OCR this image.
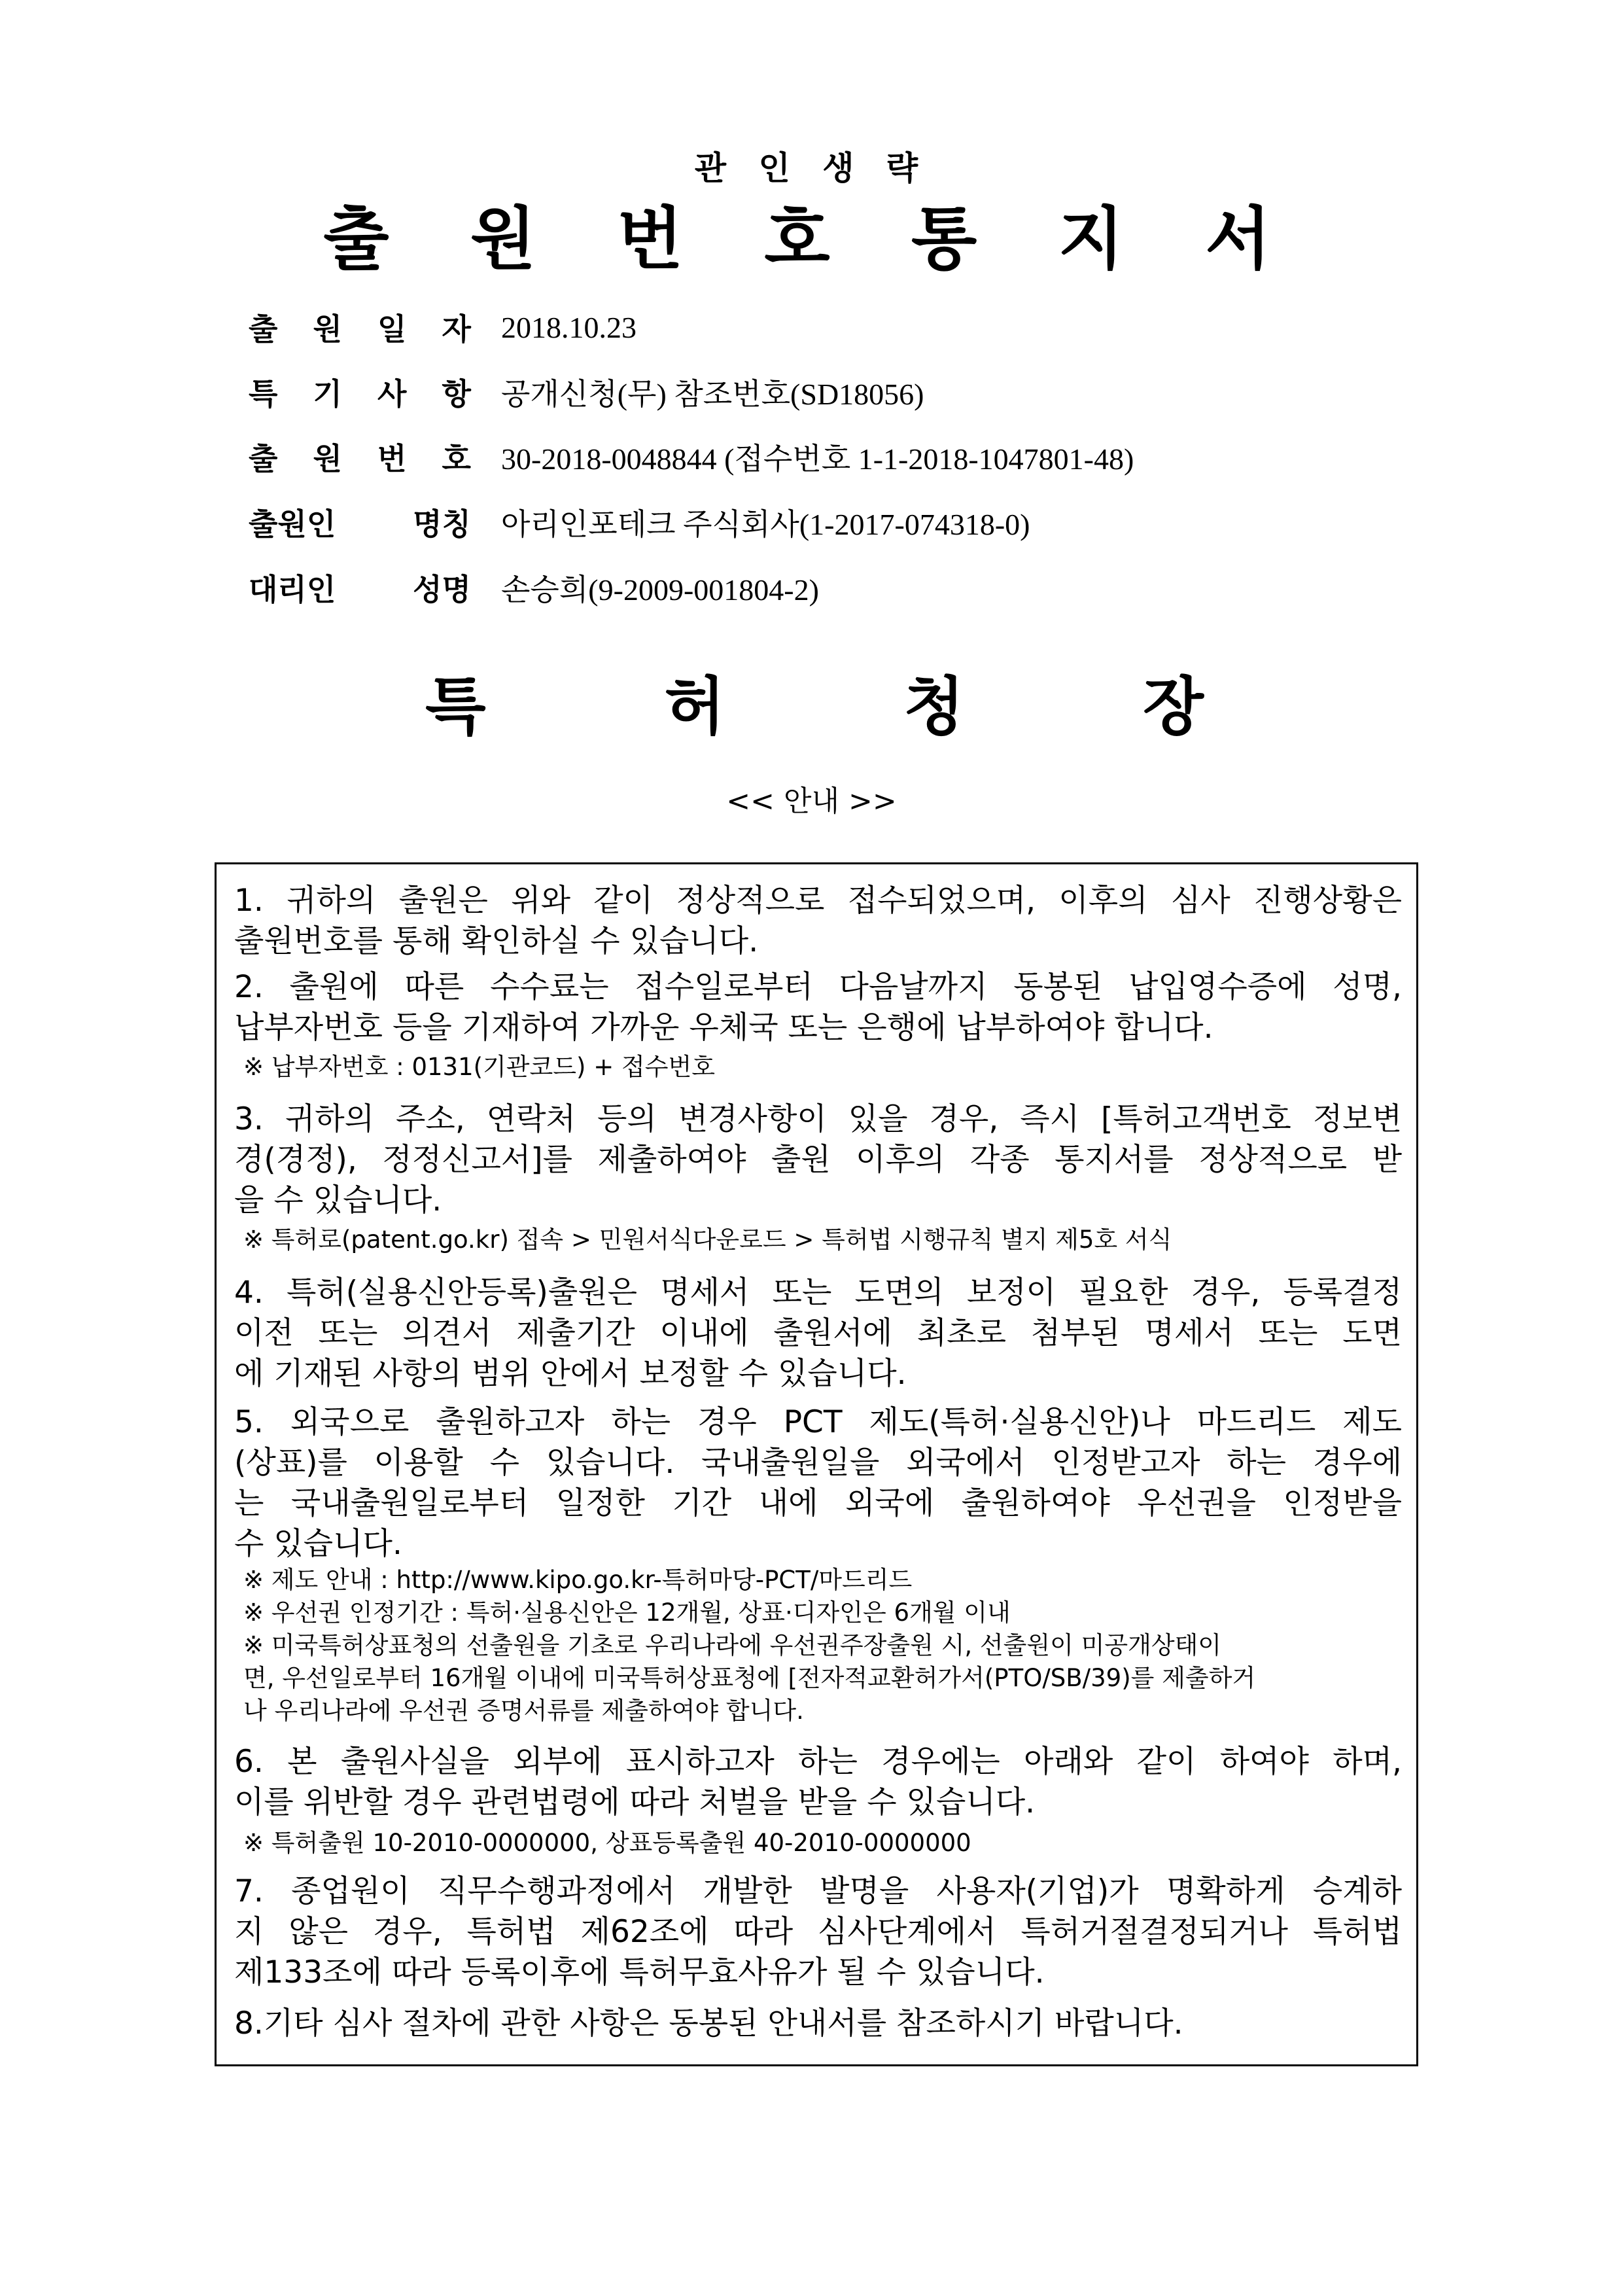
관 인 생 략
출 원 번 호 통 지 서
출 원 일 자 2018.10.23
특 기 사 항 공개신청(무) 참조번호(SD18056)
출 원 번 호 30-2018-0048844 (접수번호 1-1-2018-1047801-48)
출원인	명칭 아리인포테크 주식회사(1-2017-074318-0)
대리인	성명 손승희(9-2009-001804-2)
특	허	청	장
<< 안내 >>
1. 귀하의 출원은 위와 같이 정상적으로 접수되었으며, 이후의 심사 진행상황은
출원번호를 통해 확인하실 수 있습니다.
2. 출원에 따른 수수료는 접수일로부터 다음날까지 동봉된 납입영수증에 성명,
납부자번호 등을 기재하여 가까운 우체국 또는 은행에 납부하여야 합니다.
※ 납부자번호 : 0131(기관코드) + 접수번호
3. 귀하의 주소, 연락처 등의 변경사항이 있을 경우, 즉시 [특허고객번호 정보변
경(경정), 정정신고서]를 제출하여야 출원 이후의 각종 통지서를 정상적으로 받
을 수 있습니다.
※ 특허로(patent.go.kr) 접속 > 민원서식다운로드 > 특허법 시행규칙 별지 제5호 서식
4. 특허(실용신안등록)출원은 명세서 또는 도면의 보정이 필요한 경우, 등록결정
이전 또는 의견서 제출기간 이내에 출원서에 최초로 첨부된 명세서 또는 도면
에 기재된 사항의 범위 안에서 보정할 수 있습니다.
5. 외국으로 출원하고자 하는 경우 PCT 제도(특허·실용신안)나 마드리드 제도
(상표)를 이용할 수 있습니다. 국내출원일을 외국에서 인정받고자 하는 경우에
는 국내출원일로부터 일정한 기간 내에 외국에 출원하여야 우선권을 인정받을
수 있습니다.
※ 제도 안내 : http://www.kipo.go.kr-특허마당-PCT/마드리드
※ 우선권 인정기간 : 특허·실용신안은 12개월, 상표·디자인은 6개월 이내
※ 미국특허상표청의 선출원을 기초로 우리나라에 우선권주장출원 시, 선출원이 미공개상태이
면, 우선일로부터 16개월 이내에 미국특허상표청에 [전자적교환허가서(PTO/SB/39)를 제출하거
나 우리나라에 우선권 증명서류를 제출하여야 합니다.
6. 본 출원사실을 외부에 표시하고자 하는 경우에는 아래와 같이 하여야 하며,
이를 위반할 경우 관련법령에 따라 처벌을 받을 수 있습니다.
※ 특허출원 10-2010-0000000, 상표등록출원 40-2010-0000000
7. 종업원이 직무수행과정에서 개발한 발명을 사용자(기업)가 명확하게 승계하
지 않은 경우, 특허법 제62조에 따라 심사단계에서 특허거절결정되거나 특허법
제133조에 따라 등록이후에 특허무효사유가 될 수 있습니다.
8.기타 심사 절차에 관한 사항은 동봉된 안내서를 참조하시기 바랍니다.
